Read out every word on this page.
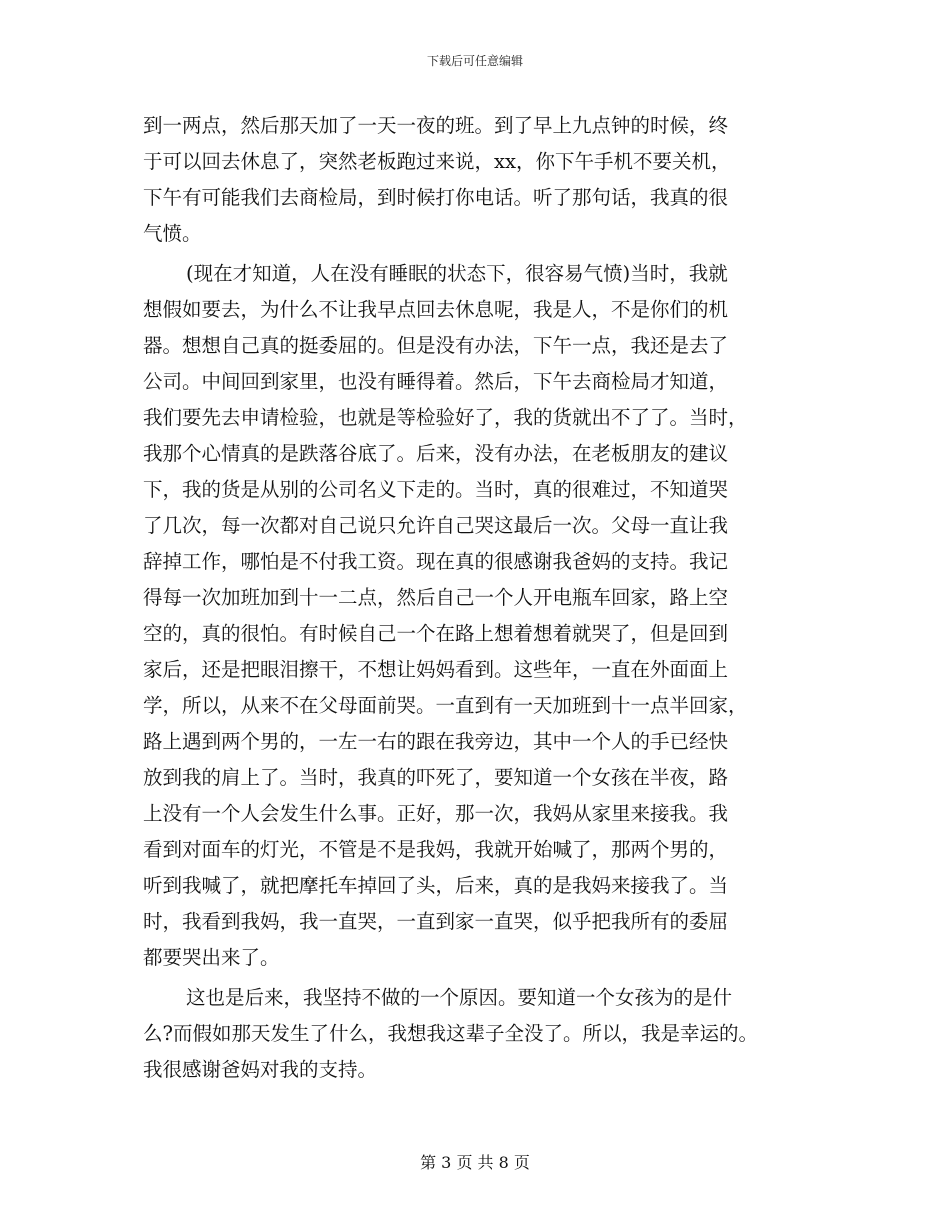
下载后可任意编辑
到一两点，然后那天加了一天一夜的班。到了早上九点钟的时候，终
于可以回去休息了，突然老板跑过来说，xx，你下午手机不要关机，
下午有可能我们去商检局，到时候打你电话。听了那句话，我真的很
气愤。
(现在才知道，人在没有睡眠的状态下，很容易气愤)当时，我就
想假如要去，为什么不让我早点回去休息呢，我是人，不是你们的机
器。想想自己真的挺委屈的。但是没有办法，下午一点，我还是去了
公司。中间回到家里，也没有睡得着。然后，下午去商检局才知道，
我们要先去申请检验，也就是等检验好了，我的货就出不了了。当时，
我那个心情真的是跌落谷底了。后来，没有办法，在老板朋友的建议
下，我的货是从别的公司名义下走的。当时，真的很难过，不知道哭
了几次，每一次都对自己说只允许自己哭这最后一次。父母一直让我
辞掉工作，哪怕是不付我工资。现在真的很感谢我爸妈的支持。我记
得每一次加班加到十一二点，然后自己一个人开电瓶车回家，路上空
空的，真的很怕。有时候自己一个在路上想着想着就哭了，但是回到
家后，还是把眼泪擦干，不想让妈妈看到。这些年，一直在外面面上
学，所以，从来不在父母面前哭。一直到有一天加班到十一点半回家，
路上遇到两个男的，一左一右的跟在我旁边，其中一个人的手已经快
放到我的肩上了。当时，我真的吓死了，要知道一个女孩在半夜，路
上没有一个人会发生什么事。正好，那一次，我妈从家里来接我。我
看到对面车的灯光，不管是不是我妈，我就开始喊了，那两个男的，
听到我喊了，就把摩托车掉回了头，后来，真的是我妈来接我了。当
时，我看到我妈，我一直哭，一直到家一直哭，似乎把我所有的委屈
都要哭出来了。
这也是后来，我坚持不做的一个原因。要知道一个女孩为的是什
么?而假如那天发生了什么，我想我这辈子全没了。所以，我是幸运的。
我很感谢爸妈对我的支持。
第 3 页 共 8 页
